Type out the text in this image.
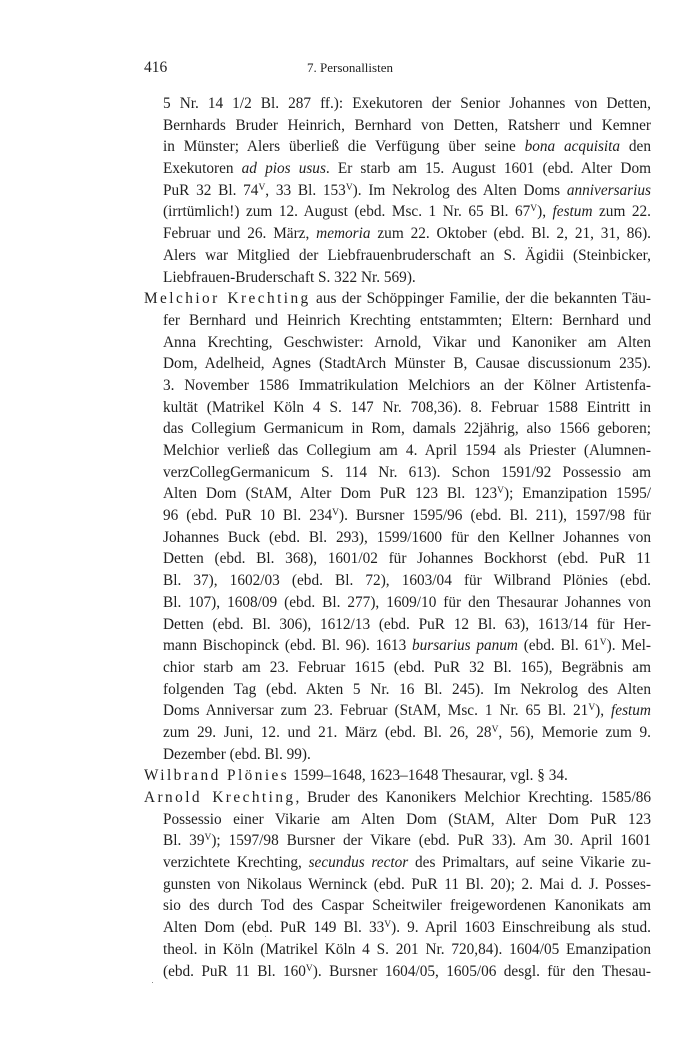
416	7. Personallisten
5 Nr. 14 1/2 Bl. 287 ff.): Exekutoren der Senior Johannes von Detten,
Bernhards Bruder Heinrich, Bernhard von Detten, Ratsherr und Kemner
in Münster; Alers überließ die Verfügung über seine bona acquisita den
Exekutoren ad pios usus. Er starb am 15. August 1601 (ebd. Alter Dom
PuR 32 Bl. $74^V$, 33 Bl. $153^V$). Im Nekrolog des Alten Doms anniversarius
(irrtümlich!) zum 12. August (ebd. Msc. 1 Nr. 65 Bl. $67^V$), festum zum 22.
Februar und 26. März, memoria zum 22. Oktober (ebd. Bl. 2, 21, 31, 86).
Alers war Mitglied der Liebfrauenbruderschaft an S. Ägidii (Steinbicker,
Liebfrauen-Bruderschaft S. 322 Nr. 569).
Melchior Krechting aus der Schöppinger Familie, der die bekannten Täu-
fer Bernhard und Heinrich Krechting entstammten; Eltern: Bernhard und
Anna Krechting, Geschwister: Arnold, Vikar und Kanoniker am Alten
Dom, Adelheid, Agnes (StadtArch Münster B, Causae discussionum 235).
3. November 1586 Immatrikulation Melchiors an der Kölner Artistenfa-
kultät (Matrikel Köln 4 S. 147 Nr. 708,36). 8. Februar 1588 Eintritt in
das Collegium Germanicum in Rom, damals 22jährig, also 1566 geboren;
Melchior verließ das Collegium am 4. April 1594 als Priester (Alumnen-
verzCollegGermanicum S. 114 Nr. 613). Schon 1591/92 Possessio am
Alten Dom (StAM, Alter Dom PuR 123 Bl. $123^V$); Emanzipation 1595/
96 (ebd. PuR 10 Bl. $234^V$). Bursner 1595/96 (ebd. Bl. 211), 1597/98 für
Johannes Buck (ebd. Bl. 293), 1599/1600 für den Kellner Johannes von
Detten (ebd. Bl. 368), 1601/02 für Johannes Bockhorst (ebd. PuR 11
Bl. 37), 1602/03 (ebd. Bl. 72), 1603/04 für Wilbrand Plönies (ebd.
Bl. 107), 1608/09 (ebd. Bl. 277), 1609/10 für den Thesaurar Johannes von
Detten (ebd. Bl. 306), 1612/13 (ebd. PuR 12 Bl. 63), 1613/14 für Her-
mann Bischopinck (ebd. Bl. 96). 1613 bursarius panum (ebd. Bl. $61^V$). Mel-
chior starb am 23. Februar 1615 (ebd. PuR 32 Bl. 165), Begräbnis am
folgenden Tag (ebd. Akten 5 Nr. 16 Bl. 245). Im Nekrolog des Alten
Doms Anniversar zum 23. Februar (StAM, Msc. 1 Nr. 65 Bl. $21^V$), festum
zum 29. Juni, 12. und 21. März (ebd. Bl. 26, $28^V$, 56), Memorie zum 9.
Dezember (ebd. Bl. 99).
Wilbrand Plönies 1599–1648, 1623–1648 Thesaurar, vgl. § 34.
Arnold Krechting, Bruder des Kanonikers Melchior Krechting. 1585/86
Possessio einer Vikarie am Alten Dom (StAM, Alter Dom PuR 123
Bl. $39^V$); 1597/98 Bursner der Vikare (ebd. PuR 33). Am 30. April 1601
verzichtete Krechting, secundus rector des Primaltars, auf seine Vikarie zu-
gunsten von Nikolaus Werninck (ebd. PuR 11 Bl. 20); 2. Mai d. J. Posses-
sio des durch Tod des Caspar Scheitwiler freigewordenen Kanonikats am
Alten Dom (ebd. PuR 149 Bl. $33^V$). 9. April 1603 Einschreibung als stud.
theol. in Köln (Matrikel Köln 4 S. 201 Nr. 720,84). 1604/05 Emanzipation
(ebd. PuR 11 Bl. $160^V$). Bursner 1604/05, 1605/06 desgl. für den Thesau-
